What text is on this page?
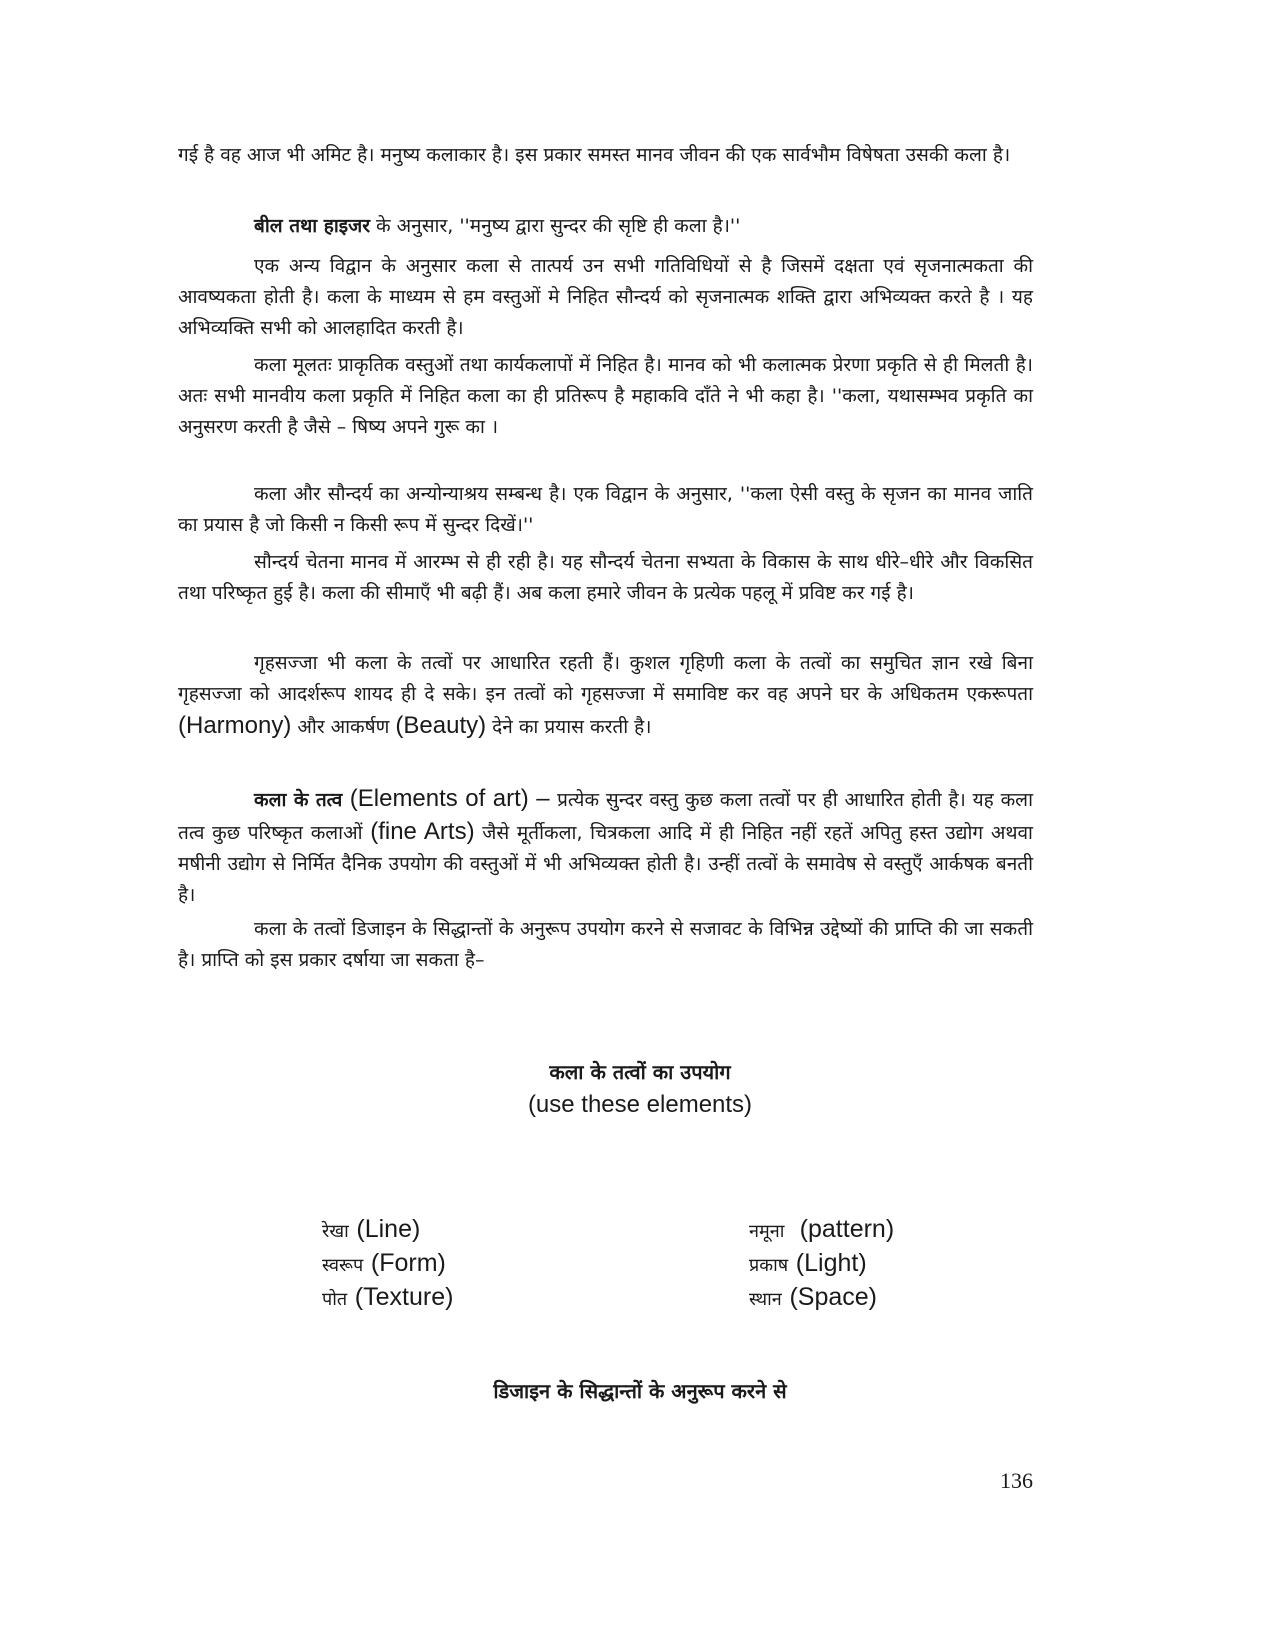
गई है वह आज भी अमिट है। मनुष्य कलाकार है। इस प्रकार समस्त मानव जीवन की एक सार्वभौम विषेषता उसकी कला है।

बील तथा हाइजर के अनुसार, ''मनुष्य द्वारा सुन्दर की सृष्टि ही कला है।''

एक अन्य विद्वान के अनुसार कला से तात्पर्य उन सभी गतिविधियों से है जिसमें दक्षता एवं सृजनात्मकता की आवष्यकता होती है। कला के माध्यम से हम वस्तुओं मे निहित सौन्दर्य को सृजनात्मक शक्ति द्वारा अभिव्यक्त करते है । यह अभिव्यक्ति सभी को आलहादित करती है।

कला मूलतः प्राकृतिक वस्तुओं तथा कार्यकलापों में निहित है। मानव को भी कलात्मक प्रेरणा प्रकृति से ही मिलती है। अतः सभी मानवीय कला प्रकृति में निहित कला का ही प्रतिरूप है महाकवि दाँते ने भी कहा है। ''कला, यथासम्भव प्रकृति का अनुसरण करती है जैसे – षिष्य अपने गुरू का ।

कला और सौन्दर्य का अन्योन्याश्रय सम्बन्ध है। एक विद्वान के अनुसार, ''कला ऐसी वस्तु के सृजन का मानव जाति का प्रयास है जो किसी न किसी रूप में सुन्दर दिखें।''

सौन्दर्य चेतना मानव में आरम्भ से ही रही है। यह सौन्दर्य चेतना सभ्यता के विकास के साथ धीरे–धीरे और विकसित तथा परिष्कृत हुई है। कला की सीमाएँ भी बढ़ी हैं। अब कला हमारे जीवन के प्रत्येक पहलू में प्रविष्ट कर गई है।

गृहसज्जा भी कला के तत्वों पर आधारित रहती हैं। कुशल गृहिणी कला के तत्वों का समुचित ज्ञान रखे बिना गृहसज्जा को आदर्शरूप शायद ही दे सके। इन तत्वों को गृहसज्जा में समाविष्ट कर वह अपने घर के अधिकतम एकरूपता (Harmony) और आकर्षण (Beauty) देने का प्रयास करती है।

कला के तत्व (Elements of art) – प्रत्येक सुन्दर वस्तु कुछ कला तत्वों पर ही आधारित होती है। यह कला तत्व कुछ परिष्कृत कलाओं (fine Arts) जैसे मूर्तीकला, चित्रकला आदि में ही निहित नहीं रहतें अपितु हस्त उद्योग अथवा मषीनी उद्योग से निर्मित दैनिक उपयोग की वस्तुओं में भी अभिव्यक्त होती है। उन्हीं तत्वों के समावेष से वस्तुएँ आर्कषक बनती है।

कला के तत्वों डिजाइन के सिद्धान्तों के अनुरूप उपयोग करने से सजावट के विभिन्न उद्देष्यों की प्राप्ति की जा सकती है। प्राप्ति को इस प्रकार दर्षाया जा सकता है–

कला के तत्वों का उपयोग
(use these elements)
रेखा (Line)
स्वरूप (Form)
पोत (Texture)
नमूना (pattern)
प्रकाष (Light)
स्थान (Space)
डिजाइन के सिद्धान्तों के अनुरूप करने से

136
